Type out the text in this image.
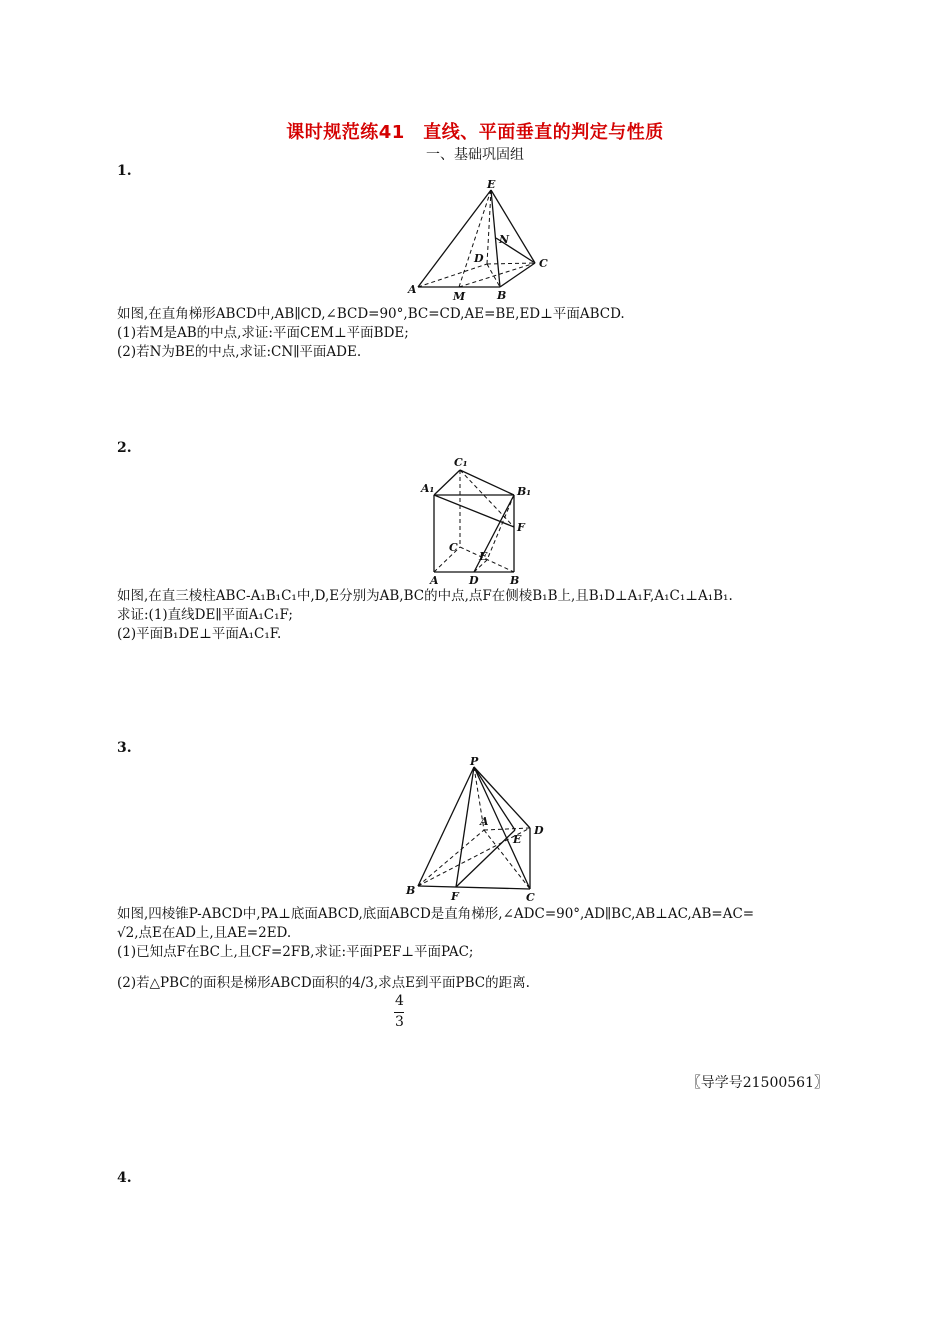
课时规范练41　直线、平面垂直的判定与性质
一、基础巩固组
1.
E
N
D	C
A
M	B
如图,在直角梯形ABCD中,AB∥CD,∠BCD=90°,BC=CD,AE=BE,ED⊥平面ABCD.
(1)若M是AB的中点,求证:平面CEM⊥平面BDE;
(2)若N为BE的中点,求证:CN∥平面ADE.
2.
C₁
A₁	B₁
F
C
E
A	D	B
如图,在直三棱柱ABC-A₁B₁C₁中,D,E分别为AB,BC的中点,点F在侧棱B₁B上,且B₁D⊥A₁F,A₁C₁⊥A₁B₁.
求证:(1)直线DE∥平面A₁C₁F;
(2)平面B₁DE⊥平面A₁C₁F.
3.
P
A
D
E
B	F	C
如图,四棱锥P-ABCD中,PA⊥底面ABCD,底面ABCD是直角梯形,∠ADC=90°,AD∥BC,AB⊥AC,AB=AC=
√2,点E在AD上,且AE=2ED.
(1)已知点F在BC上,且CF=2FB,求证:平面PEF⊥平面PAC;
(2)若△PBC的面积是梯形ABCD面积的4/3,求点E到平面PBC的距离.
4
3
〖导学号21500561〗
4.
